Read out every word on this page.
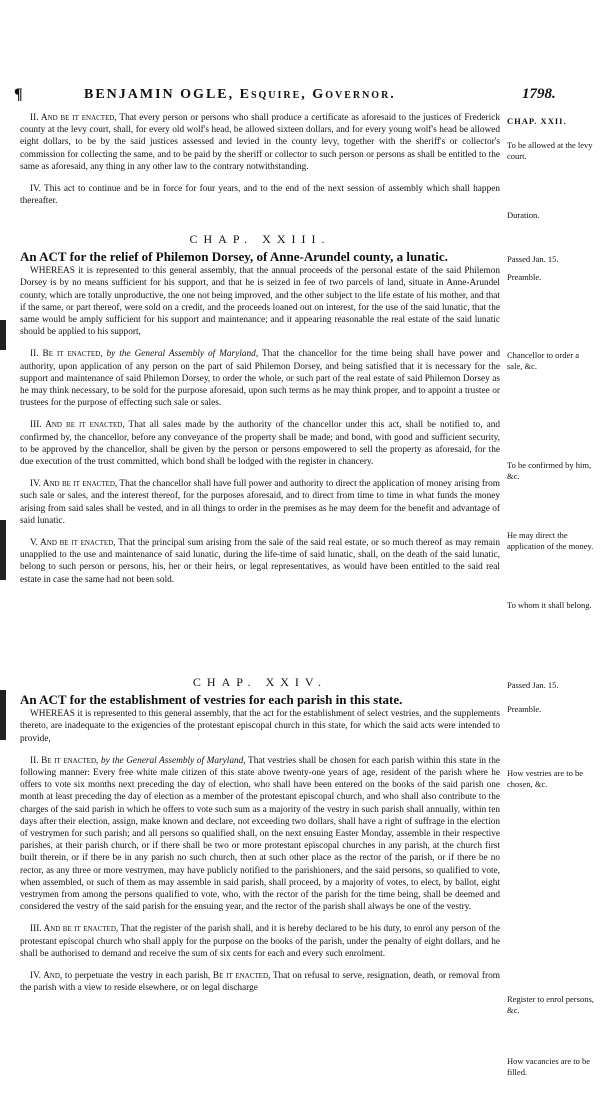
¶	BENJAMIN OGLE, Esquire, Governor.	1798.

II. And be it enacted, That every person or persons who shall produce a certificate as aforesaid to the justices of Frederick county at the levy court, shall, for every old wolf's head, be allowed sixteen dollars, and for every young wolf's head be allowed eight dollars, to be by the said justices assessed and levied in the county levy, together with the sheriff's or collector's commission for collecting the same, and to be paid by the sheriff or collector to such person or persons as shall be entitled to the same as aforesaid, any thing in any other law to the contrary notwithstanding.

IV. This act to continue and be in force for four years, and to the end of the next session of assembly which shall happen thereafter.

CHAP. XXIII.

An ACT for the relief of Philemon Dorsey, of Anne-Arundel county, a lunatic.

WHEREAS it is represented to this general assembly, that the annual proceeds of the personal estate of the said Philemon Dorsey is by no means sufficient for his support, and that he is seized in fee of two parcels of land, situate in Anne-Arundel county, which are totally unproductive, the one not being improved, and the other subject to the life estate of his mother, and that if the same, or part thereof, were sold on a credit, and the proceeds loaned out on interest, for the use of the said lunatic, that the same would be amply sufficient for his support and maintenance; and it appearing reasonable the real estate of the said lunatic should be applied to his support,

II. Be it enacted, by the General Assembly of Maryland, That the chancellor for the time being shall have power and authority, upon application of any person on the part of said Philemon Dorsey, and being satisfied that it is necessary for the support and maintenance of said Philemon Dorsey, to order the whole, or such part of the real estate of said Philemon Dorsey as he may think necessary, to be sold for the purpose aforesaid, upon such terms as he may think proper, and to appoint a trustee or trustees for the purpose of effecting such sale or sales.

III. And be it enacted, That all sales made by the authority of the chancellor under this act, shall be notified to, and confirmed by, the chancellor, before any conveyance of the property shall be made; and bond, with good and sufficient security, to be approved by the chancellor, shall be given by the person or persons empowered to sell the property as aforesaid, for the due execution of the trust committed, which bond shall be lodged with the register in chancery.

IV. And be it enacted, That the chancellor shall have full power and authority to direct the application of money arising from such sale or sales, and the interest thereof, for the purposes aforesaid, and to direct from time to time in what funds the money arising from said sales shall be vested, and in all things to order in the premises as he may deem for the benefit and advantage of said lunatic.

V. And be it enacted, That the principal sum arising from the sale of the said real estate, or so much thereof as may remain unapplied to the use and maintenance of said lunatic, during the life-time of said lunatic, shall, on the death of the said lunatic, belong to such person or persons, his, her or their heirs, or legal representatives, as would have been entitled to the said real estate in case the same had not been sold.

CHAP. XXIV.

An ACT for the establishment of vestries for each parish in this state.

WHEREAS it is represented to this general assembly, that the act for the establishment of select vestries, and the supplements thereto, are inadequate to the exigencies of the protestant episcopal church in this state, for which the said acts were intended to provide,

II. Be it enacted, by the General Assembly of Maryland, That vestries shall be chosen for each parish within this state in the following manner: Every free white male citizen of this state above twenty-one years of age, resident of the parish where he offers to vote six months next preceding the day of election, who shall have been entered on the books of the said parish one month at least preceding the day of election as a member of the protestant episcopal church, and who shall also contribute to the charges of the said parish in which he offers to vote such sum as a majority of the vestry in such parish shall annually, within ten days after their election, assign, make known and declare, not exceeding two dollars, shall have a right of suffrage in the election of vestrymen for such parish; and all persons so qualified shall, on the next ensuing Easter Monday, assemble in their respective parishes, at their parish church, or if there shall be two or more protestant episcopal churches in any parish, at the church first built therein, or if there be in any parish no such church, then at such other place as the rector of the parish, or if there be no rector, as any three or more vestrymen, may have publicly notified to the parishioners, and the said persons, so qualified to vote, when assembled, or such of them as may assemble in said parish, shall proceed, by a majority of votes, to elect, by ballot, eight vestrymen from among the persons qualified to vote, who, with the rector of the parish for the time being, shall be deemed and considered the vestry of the said parish for the ensuing year, and the rector of the parish shall always be one of the vestry.

III. And be it enacted, That the register of the parish shall, and it is hereby declared to be his duty, to enrol any person of the protestant episcopal church who shall apply for the purpose on the books of the parish, under the penalty of eight dollars, and he shall be authorised to demand and receive the sum of six cents for each and every such enrolment.

IV. And, to perpetuate the vestry in each parish, Be it enacted, That on refusal to serve, resignation, death, or removal from the parish with a view to reside elsewhere, or on legal discharge

CHAP. XXII.
To be allowed at the levy court.
Duration.
Passed Jan. 15.
Preamble.
Chancellor to order a sale, &c.
To be confirmed by him, &c.
He may direct the application of the money.
To whom it shall belong.
Passed Jan. 15.
Preamble.
How vestries are to be chosen, &c.
Register to enrol persons, &c.
How vacancies are to be filled.
